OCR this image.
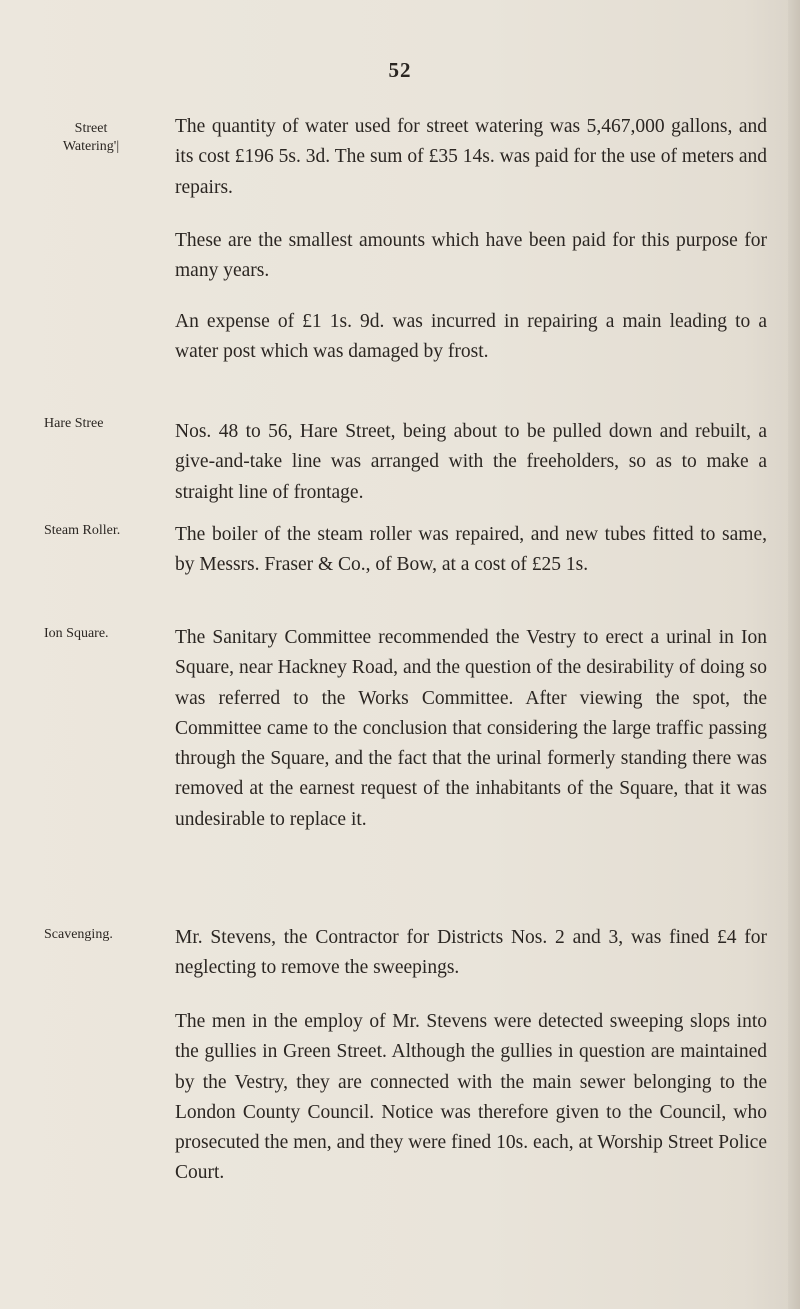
52
Street Watering'|

The quantity of water used for street watering was 5,467,000 gallons, and its cost £196 5s. 3d. The sum of £35 14s. was paid for the use of meters and repairs.

These are the smallest amounts which have been paid for this purpose for many years.

An expense of £1 1s. 9d. was incurred in repairing a main leading to a water post which was damaged by frost.

Hare Stree	Nos. 48 to 56, Hare Street, being about to be pulled down and rebuilt, a give-and-take line was arranged with the freeholders, so as to make a straight line of frontage.

Steam Roller.	The boiler of the steam roller was repaired, and new tubes fitted to same, by Messrs. Fraser & Co., of Bow, at a cost of £25 1s.

Ion Square.	The Sanitary Committee recommended the Vestry to erect a urinal in Ion Square, near Hackney Road, and the question of the desirability of doing so was referred to the Works Committee. After viewing the spot, the Committee came to the conclusion that considering the large traffic passing through the Square, and the fact that the urinal formerly standing there was removed at the earnest request of the inhabitants of the Square, that it was undesirable to replace it.

Scavenging.	Mr. Stevens, the Contractor for Districts Nos. 2 and 3, was fined £4 for neglecting to remove the sweepings.

The men in the employ of Mr. Stevens were detected sweeping slops into the gullies in Green Street. Although the gullies in question are maintained by the Vestry, they are connected with the main sewer belonging to the London County Council. Notice was therefore given to the Council, who prosecuted the men, and they were fined 10s. each, at Worship Street Police Court.
